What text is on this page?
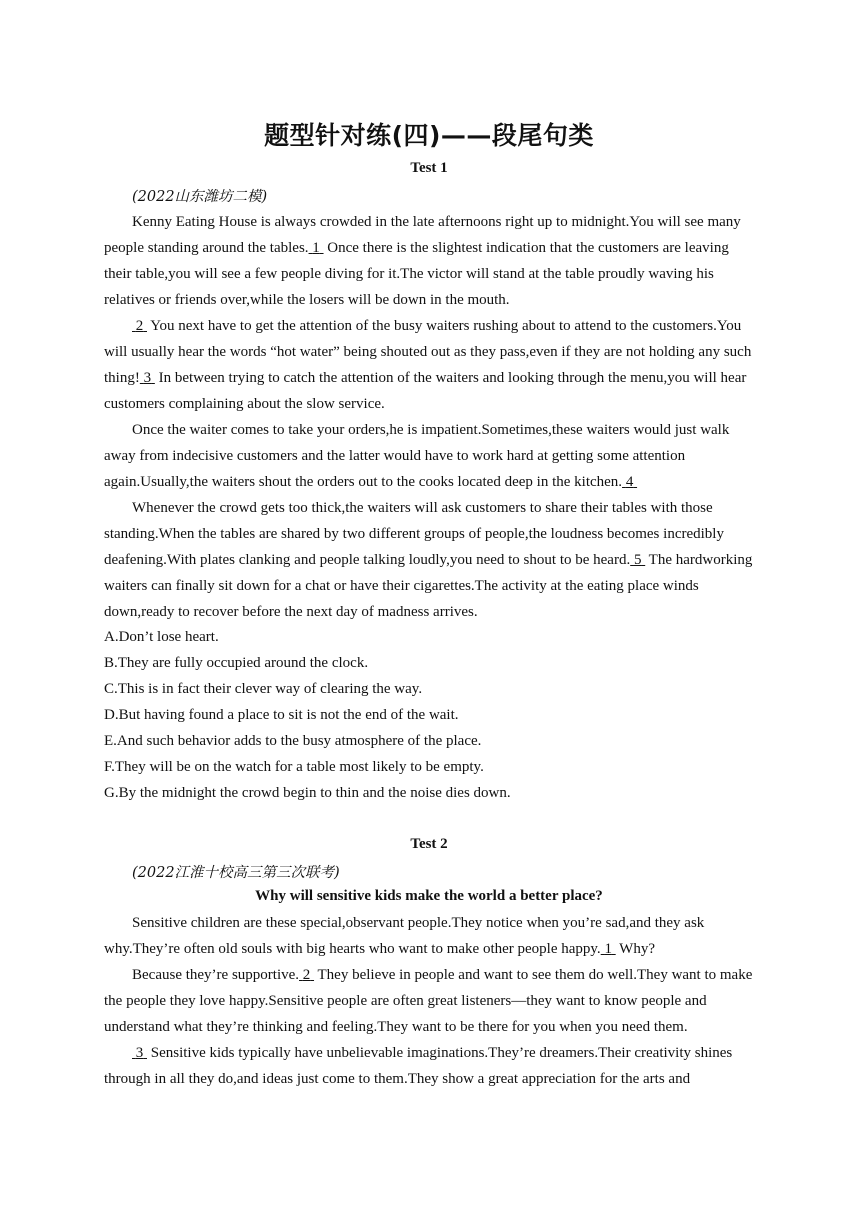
题型针对练(四)——段尾句类
Test 1
(2022山东潍坊二模)

Kenny Eating House is always crowded in the late afternoons right up to midnight.You will see many people standing around the tables. 1  Once there is the slightest indication that the customers are leaving their table,you will see a few people diving for it.The victor will stand at the table proudly waving his relatives or friends over,while the losers will be down in the mouth.

2  You next have to get the attention of the busy waiters rushing about to attend to the customers.You will usually hear the words “hot water” being shouted out as they pass,even if they are not holding any such thing! 3  In between trying to catch the attention of the waiters and looking through the menu,you will hear customers complaining about the slow service.

Once the waiter comes to take your orders,he is impatient.Sometimes,these waiters would just walk away from indecisive customers and the latter would have to work hard at getting some attention again.Usually,the waiters shout the orders out to the cooks located deep in the kitchen. 4

Whenever the crowd gets too thick,the waiters will ask customers to share their tables with those standing.When the tables are shared by two different groups of people,the loudness becomes incredibly deafening.With plates clanking and people talking loudly,you need to shout to be heard. 5  The hardworking waiters can finally sit down for a chat or have their cigarettes.The activity at the eating place winds down,ready to recover before the next day of madness arrives.

A.Don’t lose heart.
B.They are fully occupied around the clock.
C.This is in fact their clever way of clearing the way.
D.But having found a place to sit is not the end of the wait.
E.And such behavior adds to the busy atmosphere of the place.
F.They will be on the watch for a table most likely to be empty.
G.By the midnight the crowd begin to thin and the noise dies down.
Test 2
(2022江淮十校高三第三次联考)
Why will sensitive kids make the world a better place?

Sensitive children are these special,observant people.They notice when you’re sad,and they ask why.They’re often old souls with big hearts who want to make other people happy. 1  Why?

Because they’re supportive. 2  They believe in people and want to see them do well.They want to make the people they love happy.Sensitive people are often great listeners—they want to know people and understand what they’re thinking and feeling.They want to be there for you when you need them.

3  Sensitive kids typically have unbelievable imaginations.They’re dreamers.Their creativity shines through in all they do,and ideas just come to them.They show a great appreciation for the arts and
